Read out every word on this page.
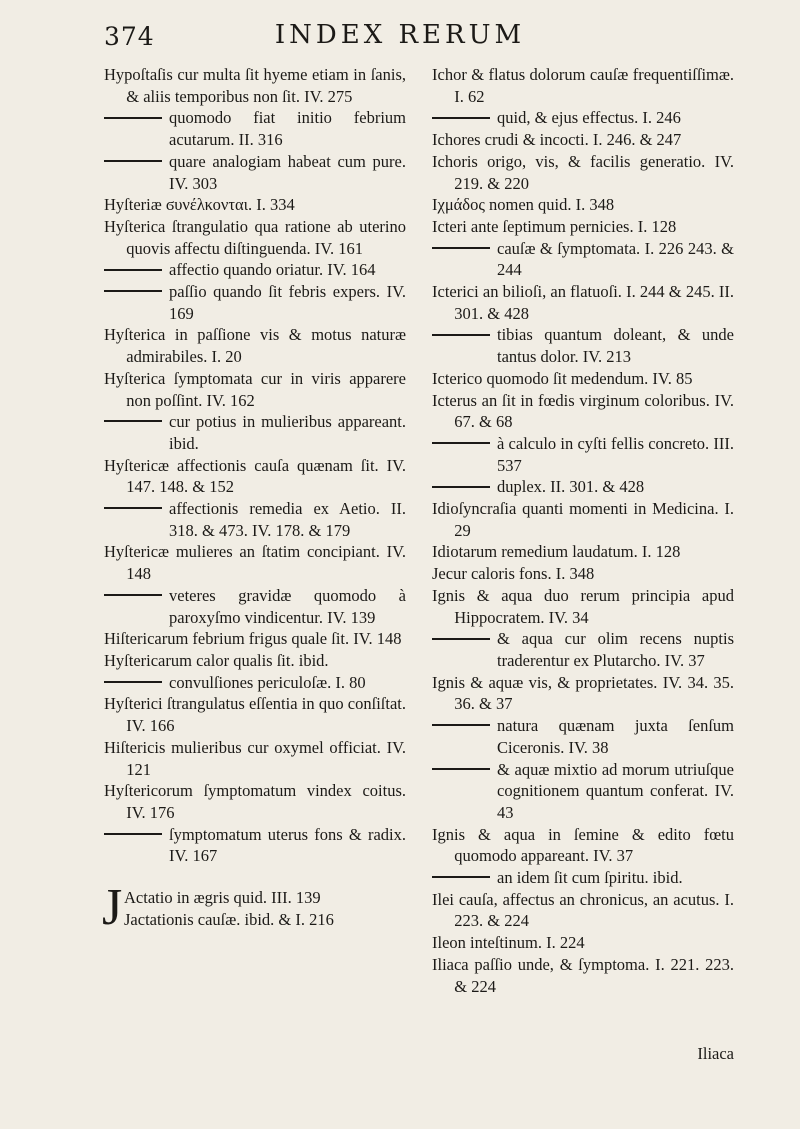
374	INDEX RERUM
Hypoſtaſis cur multa ſit hyeme etiam in ſanis, & aliis temporibus non ſit. IV. 275
quomodo fiat initio febrium acutarum. II. 316
quare analogiam habeat cum pure. IV. 303
Hyſteriæ ϭυνέλκονται. I. 334
Hyſterica ſtrangulatio qua ratione ab uterino quovis affectu diſtinguenda. IV. 161
affectio quando oriatur. IV. 164
paſſio quando ſit febris expers. IV. 169
Hyſterica in paſſione vis & motus naturæ admirabiles. I. 20
Hyſterica ſymptomata cur in viris apparere non poſſint. IV. 162
cur potius in mulieribus appareant. ibid.
Hyſtericæ affectionis cauſa quænam ſit. IV. 147. 148. & 152
affectionis remedia ex Aetio. II. 318. & 473. IV. 178. & 179
Hyſtericæ mulieres an ſtatim concipiant. IV. 148
veteres gravidæ quomodo à paroxyſmo vindicentur. IV. 139
Hiſtericarum febrium frigus quale ſit. IV. 148
Hyſtericarum calor qualis ſit. ibid.
convulſiones periculoſæ. I. 80
Hyſterici ſtrangulatus eſſentia in quo conſiſtat. IV. 166
Hiſtericis mulieribus cur oxymel officiat. IV. 121
Hyſtericorum ſymptomatum vindex coitus. IV. 176
ſymptomatum uterus fons & radix. IV. 167
J Actatio in ægris quid. III. 139
Jactationis cauſæ. ibid. & I. 216
Ichor & flatus dolorum cauſæ frequentiſſimæ. I. 62
quid, & ejus effectus. I. 246
Ichores crudi & incocti. I. 246. & 247
Ichoris origo, vis, & facilis generatio. IV. 219. & 220
Ιχμάδος nomen quid. I. 348
Icteri ante ſeptimum pernicies. I. 128
cauſæ & ſymptomata. I. 226 243. & 244
Icterici an bilioſi, an flatuoſi. I. 244 & 245. II. 301. & 428
tibias quantum doleant, & unde tantus dolor. IV. 213
Icterico quomodo ſit medendum. IV. 85
Icterus an ſit in fœdis virginum coloribus. IV. 67. & 68
à calculo in cyſti fellis concreto. III. 537
duplex. II. 301. & 428
Idioſyncraſia quanti momenti in Medicina. I. 29
Idiotarum remedium laudatum. I. 128
Jecur caloris fons. I. 348
Ignis & aqua duo rerum principia apud Hippocratem. IV. 34
& aqua cur olim recens nuptis traderentur ex Plutarcho. IV. 37
Ignis & aquæ vis, & proprietates. IV. 34. 35. 36. & 37
natura quænam juxta ſenſum Ciceronis. IV. 38
& aquæ mixtio ad morum utriuſque cognitionem quantum conferat. IV. 43
Ignis & aqua in ſemine & edito fœtu quomodo appareant. IV. 37
an idem ſit cum ſpiritu. ibid.
Ilei cauſa, affectus an chronicus, an acutus. I. 223. & 224
Ileon inteſtinum. I. 224
Iliaca paſſio unde, & ſymptoma. I. 221. 223. & 224
Iliaca
